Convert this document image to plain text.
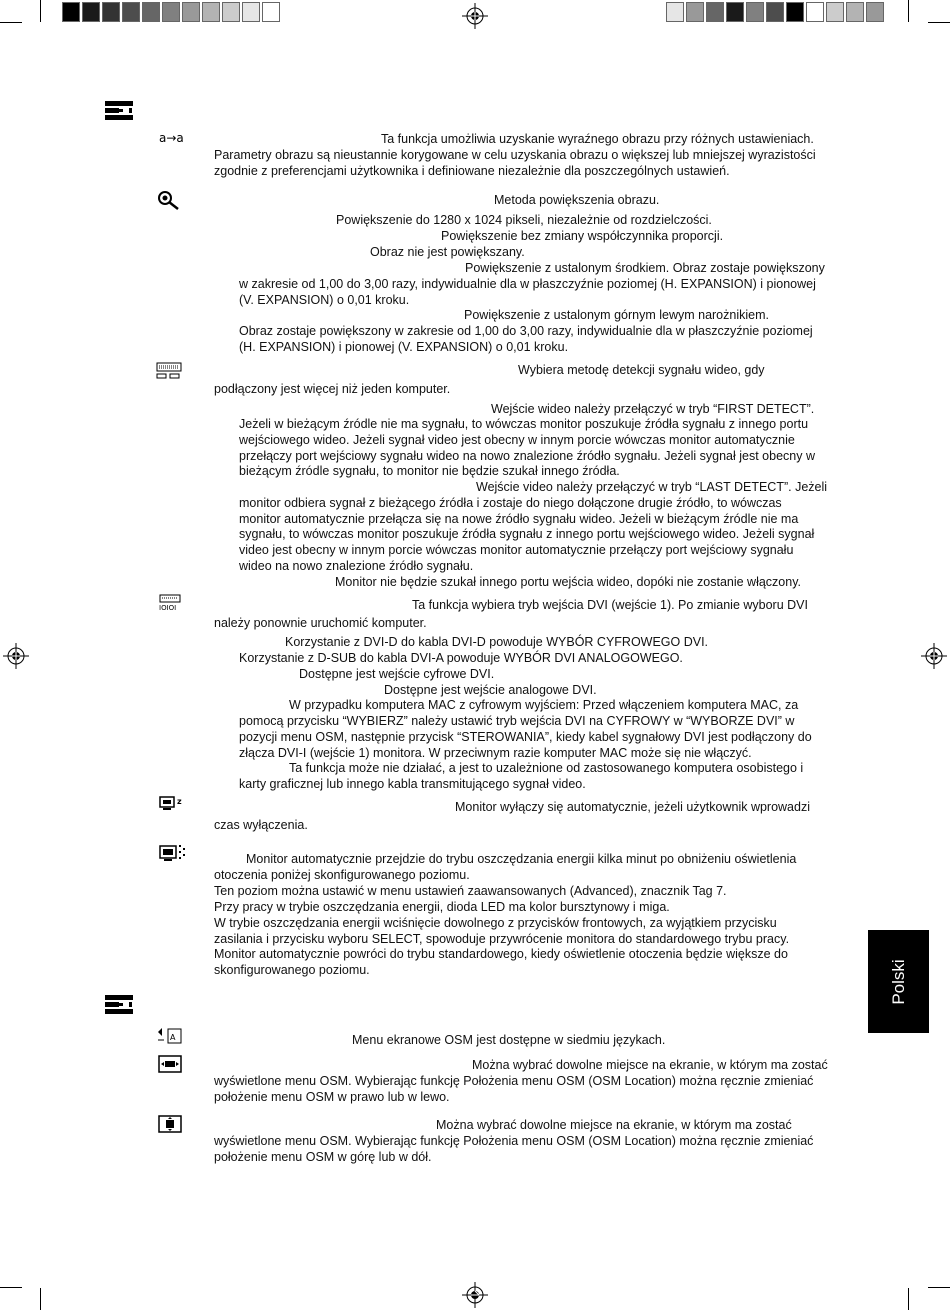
a→a
IOIOI
z
A
Polski
Ta funkcja umożliwia uzyskanie wyraźnego obrazu przy różnych ustawieniach.
Parametry obrazu są nieustannie korygowane w celu uzyskania obrazu o większej lub mniejszej wyrazistości
zgodnie z preferencjami użytkownika i definiowane niezależnie dla poszczególnych ustawień.
Metoda powiększenia obrazu.
Powiększenie do 1280 x 1024 pikseli, niezależnie od rozdzielczości.
Powiększenie bez zmiany współczynnika proporcji.
Obraz nie jest powiększany.
Powiększenie z ustalonym środkiem. Obraz zostaje powiększony
w zakresie od 1,00 do 3,00 razy, indywidualnie dla w płaszczyźnie poziomej (H. EXPANSION) i pionowej
(V. EXPANSION) o 0,01 kroku.
Powiększenie z ustalonym górnym lewym narożnikiem.
Obraz zostaje powiększony w zakresie od 1,00 do 3,00 razy, indywidualnie dla w płaszczyźnie poziomej
(H. EXPANSION) i pionowej (V. EXPANSION) o 0,01 kroku.
Wybiera metodę detekcji sygnału wideo, gdy
podłączony jest więcej niż jeden komputer.
Wejście wideo należy przełączyć w tryb “FIRST DETECT”.
Jeżeli w bieżącym źródle nie ma sygnału, to wówczas monitor poszukuje źródła sygnału z innego portu
wejściowego wideo. Jeżeli sygnał video jest obecny w innym porcie wówczas monitor automatycznie
przełączy port wejściowy sygnału wideo na nowo znalezione źródło sygnału. Jeżeli sygnał jest obecny w
bieżącym źródle sygnału, to monitor nie będzie szukał innego źródła.
Wejście video należy przełączyć w tryb “LAST DETECT”. Jeżeli
monitor odbiera sygnał z bieżącego źródła i zostaje do niego dołączone drugie źródło, to wówczas
monitor automatycznie przełącza się na nowe źródło sygnału wideo. Jeżeli w bieżącym źródle nie ma
sygnału, to wówczas monitor poszukuje źródła sygnału z innego portu wejściowego wideo. Jeżeli sygnał
video jest obecny w innym porcie wówczas monitor automatycznie przełączy port wejściowy sygnału
wideo na nowo znalezione źródło sygnału.
Monitor nie będzie szukał innego portu wejścia wideo, dopóki nie zostanie włączony.
Ta funkcja wybiera tryb wejścia DVI (wejście 1). Po zmianie wyboru DVI
należy ponownie uruchomić komputer.
Korzystanie z DVI-D do kabla DVI-D powoduje WYBÓR CYFROWEGO DVI.
Korzystanie z D-SUB do kabla DVI-A powoduje WYBÓR DVI ANALOGOWEGO.
Dostępne jest wejście cyfrowe DVI.
Dostępne jest wejście analogowe DVI.
W przypadku komputera MAC z cyfrowym wyjściem: Przed włączeniem komputera MAC, za
pomocą przycisku “WYBIERZ” należy ustawić tryb wejścia DVI na CYFROWY w “WYBORZE DVI” w
pozycji menu OSM, następnie przycisk “STEROWANIA”, kiedy kabel sygnałowy DVI jest podłączony do
złącza DVI-I (wejście 1) monitora. W przeciwnym razie komputer MAC może się nie włączyć.
Ta funkcja może nie działać, a jest to uzależnione od zastosowanego komputera osobistego i
karty graficznej lub innego kabla transmitującego sygnał video.
Monitor wyłączy się automatycznie, jeżeli użytkownik wprowadzi
czas wyłączenia.
Monitor automatycznie przejdzie do trybu oszczędzania energii kilka minut po obniżeniu oświetlenia
otoczenia poniżej skonfigurowanego poziomu.
Ten poziom można ustawić w menu ustawień zaawansowanych (Advanced), znacznik Tag 7.
Przy pracy w trybie oszczędzania energii, dioda LED ma kolor bursztynowy i miga.
W trybie oszczędzania energii wciśnięcie dowolnego z przycisków frontowych, za wyjątkiem przycisku
zasilania i przycisku wyboru SELECT, spowoduje przywrócenie monitora do standardowego trybu pracy.
Monitor automatycznie powróci do trybu standardowego, kiedy oświetlenie otoczenia będzie większe do
skonfigurowanego poziomu.
Menu ekranowe OSM jest dostępne w siedmiu językach.
Można wybrać dowolne miejsce na ekranie, w którym ma zostać
wyświetlone menu OSM. Wybierając funkcję Położenia menu OSM (OSM Location) można ręcznie zmieniać
położenie menu OSM w prawo lub w lewo.
Można wybrać dowolne miejsce na ekranie, w którym ma zostać
wyświetlone menu OSM. Wybierając funkcję Położenia menu OSM (OSM Location) można ręcznie zmieniać
położenie menu OSM w górę lub w dół.
